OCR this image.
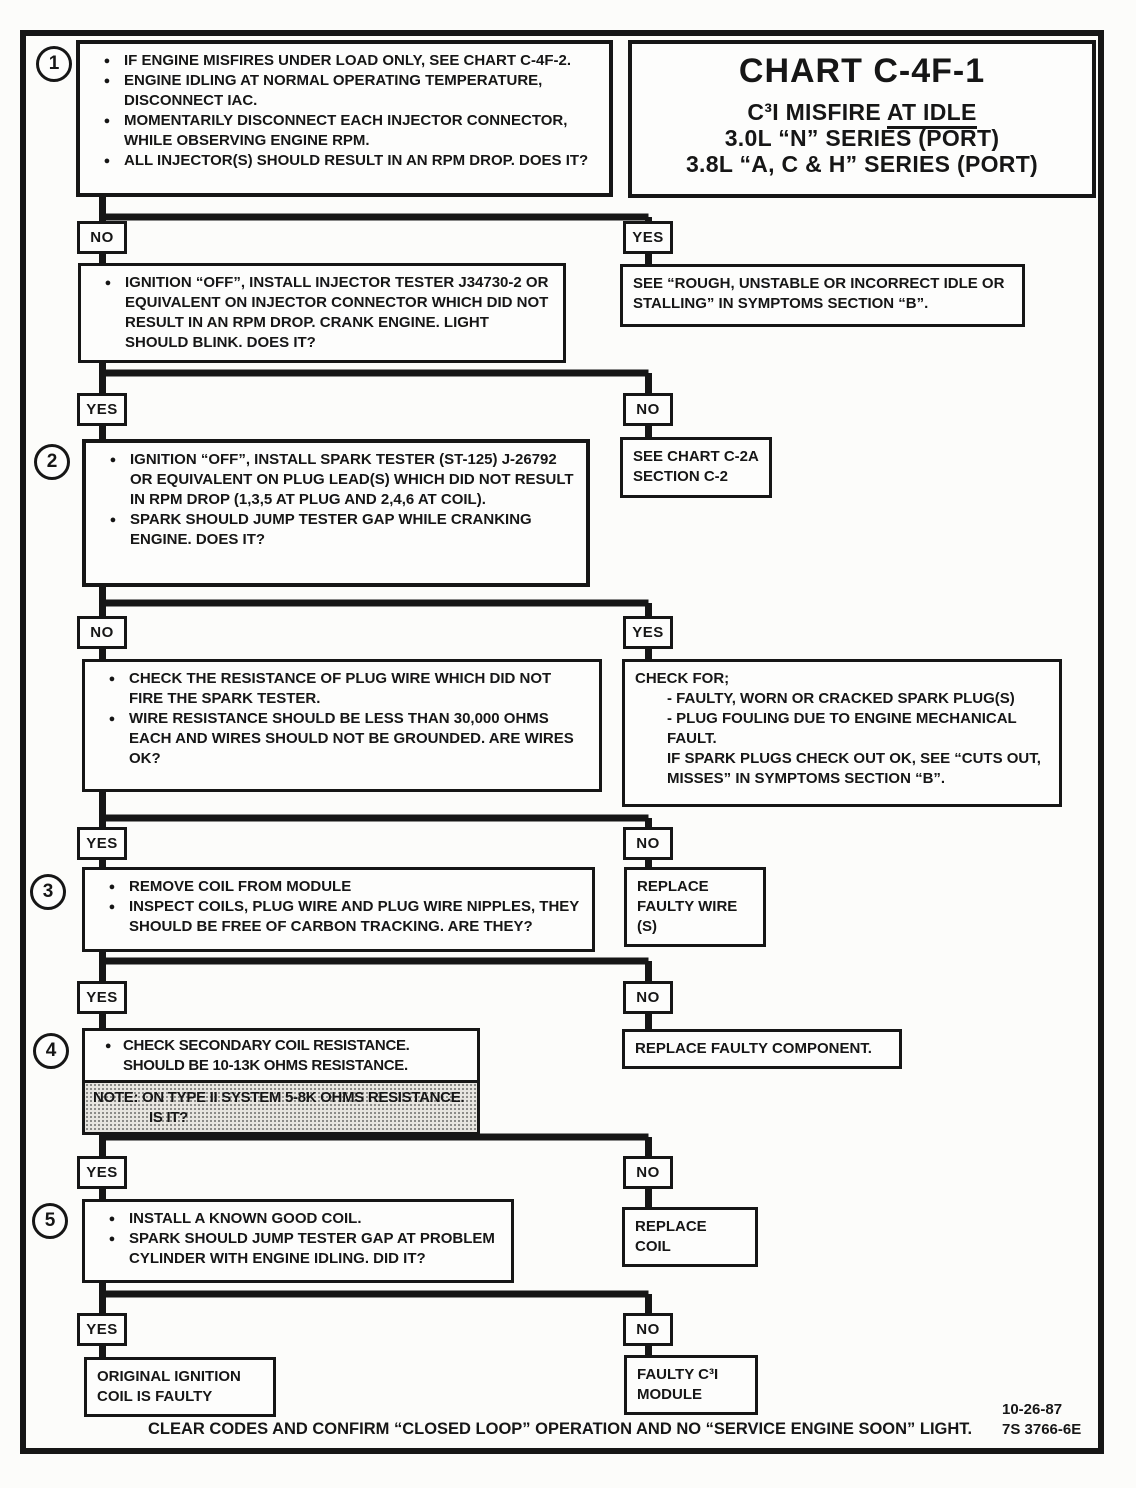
CHART C-4F-1
C³I MISFIRE AT IDLE
3.0L “N” SERIES (PORT)
3.8L “A, C & H” SERIES (PORT)
1
2
3
4
5
● IF ENGINE MISFIRES UNDER LOAD ONLY, SEE CHART C-4F-2.
● ENGINE IDLING AT NORMAL OPERATING TEMPERATURE, DISCONNECT IAC.
● MOMENTARILY DISCONNECT EACH INJECTOR CONNECTOR, WHILE OBSERVING ENGINE RPM.
● ALL INJECTOR(S) SHOULD RESULT IN AN RPM DROP. DOES IT?
NO	YES
● IGNITION “OFF”, INSTALL INJECTOR TESTER J34730-2 OR EQUIVALENT ON INJECTOR CONNECTOR WHICH DID NOT RESULT IN AN RPM DROP. CRANK ENGINE. LIGHT SHOULD BLINK. DOES IT?
SEE “ROUGH, UNSTABLE OR INCORRECT IDLE OR STALLING” IN SYMPTOMS SECTION “B”.
YES	NO
● IGNITION “OFF”, INSTALL SPARK TESTER (ST-125) J-26792 OR EQUIVALENT ON PLUG LEAD(S) WHICH DID NOT RESULT IN RPM DROP (1,3,5 AT PLUG AND 2,4,6 AT COIL).
● SPARK SHOULD JUMP TESTER GAP WHILE CRANKING ENGINE. DOES IT?
SEE CHART C-2A
SECTION C-2
NO	YES
● CHECK THE RESISTANCE OF PLUG WIRE WHICH DID NOT FIRE THE SPARK TESTER.
● WIRE RESISTANCE SHOULD BE LESS THAN 30,000 OHMS EACH AND WIRES SHOULD NOT BE GROUNDED. ARE WIRES OK?
CHECK FOR;
- FAULTY, WORN OR CRACKED SPARK PLUG(S)
- PLUG FOULING DUE TO ENGINE MECHANICAL FAULT.
IF SPARK PLUGS CHECK OUT OK, SEE “CUTS OUT, MISSES” IN SYMPTOMS SECTION “B”.
YES	NO
● REMOVE COIL FROM MODULE
● INSPECT COILS, PLUG WIRE AND PLUG WIRE NIPPLES, THEY SHOULD BE FREE OF CARBON TRACKING. ARE THEY?
REPLACE
FAULTY WIRE (S)
YES	NO
● CHECK SECONDARY COIL RESISTANCE. SHOULD BE 10-13K OHMS RESISTANCE.
NOTE: ON TYPE II SYSTEM 5-8K OHMS RESISTANCE.
IS IT?
REPLACE FAULTY COMPONENT.
YES	NO
● INSTALL A KNOWN GOOD COIL.
● SPARK SHOULD JUMP TESTER GAP AT PROBLEM CYLINDER WITH ENGINE IDLING. DID IT?
REPLACE COIL
YES	NO
ORIGINAL IGNITION
COIL IS FAULTY
FAULTY C³I
MODULE
CLEAR CODES AND CONFIRM “CLOSED LOOP” OPERATION AND NO “SERVICE ENGINE SOON” LIGHT.
10-26-87
7S 3766-6E
